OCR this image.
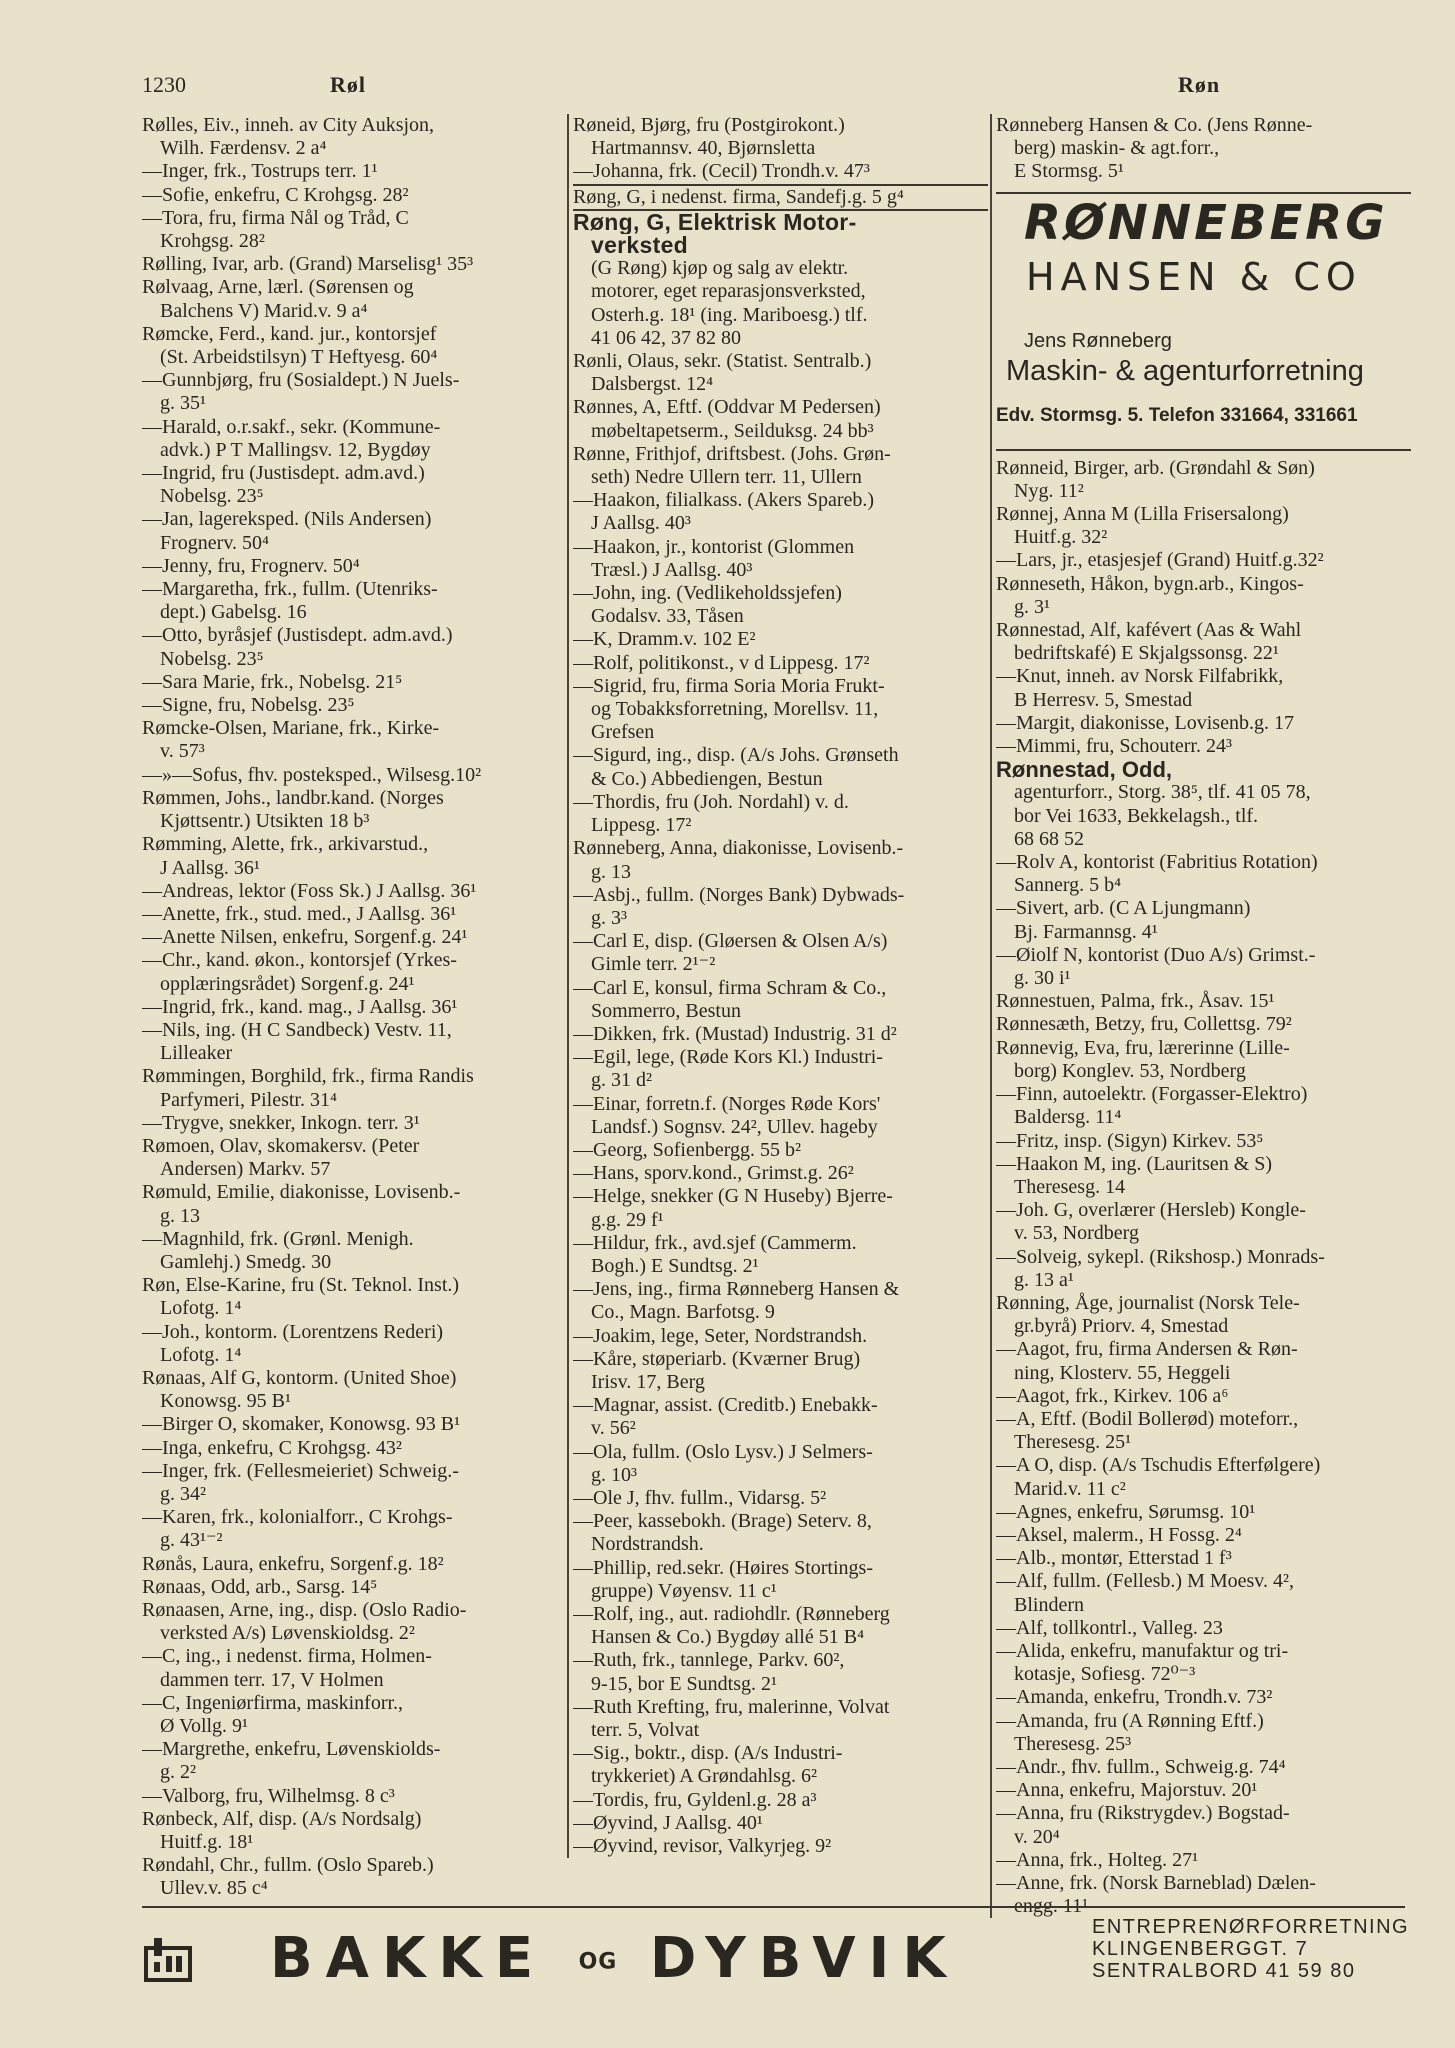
1230	Røl	Røn
Rølles, Eiv., inneh. av City Auksjon,
Wilh. Færdensv. 2 a⁴
—Inger, frk., Tostrups terr. 1¹
—Sofie, enkefru, C Krohgsg. 28²
—Tora, fru, firma Nål og Tråd, C
Krohgsg. 28²
Rølling, Ivar, arb. (Grand) Marselisg¹ 35³
Rølvaag, Arne, lærl. (Sørensen og
Balchens V) Marid.v. 9 a⁴
Rømcke, Ferd., kand. jur., kontorsjef
(St. Arbeidstilsyn) T Heftyesg. 60⁴
—Gunnbjørg, fru (Sosialdept.) N Juels-
g. 35¹
—Harald, o.r.sakf., sekr. (Kommune-
advk.) P T Mallingsv. 12, Bygdøy
—Ingrid, fru (Justisdept. adm.avd.)
Nobelsg. 23⁵
—Jan, lagereksped. (Nils Andersen)
Frognerv. 50⁴
—Jenny, fru, Frognerv. 50⁴
—Margaretha, frk., fullm. (Utenriks-
dept.) Gabelsg. 16
—Otto, byråsjef (Justisdept. adm.avd.)
Nobelsg. 23⁵
—Sara Marie, frk., Nobelsg. 21⁵
—Signe, fru, Nobelsg. 23⁵
Rømcke-Olsen, Mariane, frk., Kirke-
v. 57³
—»—Sofus, fhv. posteksped., Wilsesg.10²
Rømmen, Johs., landbr.kand. (Norges
Kjøttsentr.) Utsikten 18 b³
Rømming, Alette, frk., arkivarstud.,
J Aallsg. 36¹
—Andreas, lektor (Foss Sk.) J Aallsg. 36¹
—Anette, frk., stud. med., J Aallsg. 36¹
—Anette Nilsen, enkefru, Sorgenf.g. 24¹
—Chr., kand. økon., kontorsjef (Yrkes-
opplæringsrådet) Sorgenf.g. 24¹
—Ingrid, frk., kand. mag., J Aallsg. 36¹
—Nils, ing. (H C Sandbeck) Vestv. 11,
Lilleaker
Rømmingen, Borghild, frk., firma Randis
Parfymeri, Pilestr. 31⁴
—Trygve, snekker, Inkogn. terr. 3¹
Rømoen, Olav, skomakersv. (Peter
Andersen) Markv. 57
Rømuld, Emilie, diakonisse, Lovisenb.-
g. 13
—Magnhild, frk. (Grønl. Menigh.
Gamlehj.) Smedg. 30
Røn, Else-Karine, fru (St. Teknol. Inst.)
Lofotg. 1⁴
—Joh., kontorm. (Lorentzens Rederi)
Lofotg. 1⁴
Rønaas, Alf G, kontorm. (United Shoe)
Konowsg. 95 B¹
—Birger O, skomaker, Konowsg. 93 B¹
—Inga, enkefru, C Krohgsg. 43²
—Inger, frk. (Fellesmeieriet) Schweig.-
g. 34²
—Karen, frk., kolonialforr., C Krohgs-
g. 43¹⁻²
Rønås, Laura, enkefru, Sorgenf.g. 18²
Rønaas, Odd, arb., Sarsg. 14⁵
Rønaasen, Arne, ing., disp. (Oslo Radio-
verksted A/s) Løvenskioldsg. 2²
—C, ing., i nedenst. firma, Holmen-
dammen terr. 17, V Holmen
—C, Ingeniørfirma, maskinforr.,
Ø Vollg. 9¹
—Margrethe, enkefru, Løvenskiolds-
g. 2²
—Valborg, fru, Wilhelmsg. 8 c³
Rønbeck, Alf, disp. (A/s Nordsalg)
Huitf.g. 18¹
Røndahl, Chr., fullm. (Oslo Spareb.)
Ullev.v. 85 c⁴
Røneid, Bjørg, fru (Postgirokont.)
Hartmannsv. 40, Bjørnsletta
—Johanna, frk. (Cecil) Trondh.v. 47³
Røng, G, i nedenst. firma, Sandefj.g. 5 g⁴
Røng, G, Elektrisk Motor-
verksted
(G Røng) kjøp og salg av elektr.
motorer, eget reparasjonsverksted,
Osterh.g. 18¹ (ing. Mariboesg.) tlf.
41 06 42, 37 82 80
Rønli, Olaus, sekr. (Statist. Sentralb.)
Dalsbergst. 12⁴
Rønnes, A, Eftf. (Oddvar M Pedersen)
møbeltapetserm., Seilduksg. 24 bb³
Rønne, Frithjof, driftsbest. (Johs. Grøn-
seth) Nedre Ullern terr. 11, Ullern
—Haakon, filialkass. (Akers Spareb.)
J Aallsg. 40³
—Haakon, jr., kontorist (Glommen
Træsl.) J Aallsg. 40³
—John, ing. (Vedlikeholdssjefen)
Godalsv. 33, Tåsen
—K, Dramm.v. 102 E²
—Rolf, politikonst., v d Lippesg. 17²
—Sigrid, fru, firma Soria Moria Frukt-
og Tobakksforretning, Morellsv. 11,
Grefsen
—Sigurd, ing., disp. (A/s Johs. Grønseth
& Co.) Abbediengen, Bestun
—Thordis, fru (Joh. Nordahl) v. d.
Lippesg. 17²
Rønneberg, Anna, diakonisse, Lovisenb.-
g. 13
—Asbj., fullm. (Norges Bank) Dybwads-
g. 3³
—Carl E, disp. (Gløersen & Olsen A/s)
Gimle terr. 2¹⁻²
—Carl E, konsul, firma Schram & Co.,
Sommerro, Bestun
—Dikken, frk. (Mustad) Industrig. 31 d²
—Egil, lege, (Røde Kors Kl.) Industri-
g. 31 d²
—Einar, forretn.f. (Norges Røde Kors'
Landsf.) Sognsv. 24², Ullev. hageby
—Georg, Sofienbergg. 55 b²
—Hans, sporv.kond., Grimst.g. 26²
—Helge, snekker (G N Huseby) Bjerre-
g.g. 29 f¹
—Hildur, frk., avd.sjef (Cammerm.
Bogh.) E Sundtsg. 2¹
—Jens, ing., firma Rønneberg Hansen &
Co., Magn. Barfotsg. 9
—Joakim, lege, Seter, Nordstrandsh.
—Kåre, støperiarb. (Kværner Brug)
Irisv. 17, Berg
—Magnar, assist. (Creditb.) Enebakk-
v. 56²
—Ola, fullm. (Oslo Lysv.) J Selmers-
g. 10³
—Ole J, fhv. fullm., Vidarsg. 5²
—Peer, kassebokh. (Brage) Seterv. 8,
Nordstrandsh.
—Phillip, red.sekr. (Høires Stortings-
gruppe) Vøyensv. 11 c¹
—Rolf, ing., aut. radiohdlr. (Rønneberg
Hansen & Co.) Bygdøy allé 51 B⁴
—Ruth, frk., tannlege, Parkv. 60²,
9-15, bor E Sundtsg. 2¹
—Ruth Krefting, fru, malerinne, Volvat
terr. 5, Volvat
—Sig., boktr., disp. (A/s Industri-
trykkeriet) A Grøndahlsg. 6²
—Tordis, fru, Gyldenl.g. 28 a³
—Øyvind, J Aallsg. 40¹
—Øyvind, revisor, Valkyrjeg. 9²
Rønneberg Hansen & Co. (Jens Rønne-
berg) maskin- & agt.forr.,
E Stormsg. 5¹
RØNNEBERG
HANSEN & CO
Jens Rønneberg
Maskin- & agenturforretning
Edv. Stormsg. 5. Telefon 331664, 331661
Rønneid, Birger, arb. (Grøndahl & Søn)
Nyg. 11²
Rønnej, Anna M (Lilla Frisersalong)
Huitf.g. 32²
—Lars, jr., etasjesjef (Grand) Huitf.g.32²
Rønneseth, Håkon, bygn.arb., Kingos-
g. 3¹
Rønnestad, Alf, kafévert (Aas & Wahl
bedriftskafé) E Skjalgssonsg. 22¹
—Knut, inneh. av Norsk Filfabrikk,
B Herresv. 5, Smestad
—Margit, diakonisse, Lovisenb.g. 17
—Mimmi, fru, Schouterr. 24³
Rønnestad, Odd,
agenturforr., Storg. 38⁵, tlf. 41 05 78,
bor Vei 1633, Bekkelagsh., tlf.
68 68 52
—Rolv A, kontorist (Fabritius Rotation)
Sannerg. 5 b⁴
—Sivert, arb. (C A Ljungmann)
Bj. Farmannsg. 4¹
—Øiolf N, kontorist (Duo A/s) Grimst.-
g. 30 i¹
Rønnestuen, Palma, frk., Åsav. 15¹
Rønnesæth, Betzy, fru, Collettsg. 79²
Rønnevig, Eva, fru, lærerinne (Lille-
borg) Konglev. 53, Nordberg
—Finn, autoelektr. (Forgasser-Elektro)
Baldersg. 11⁴
—Fritz, insp. (Sigyn) Kirkev. 53⁵
—Haakon M, ing. (Lauritsen & S)
Theresesg. 14
—Joh. G, overlærer (Hersleb) Kongle-
v. 53, Nordberg
—Solveig, sykepl. (Rikshosp.) Monrads-
g. 13 a¹
Rønning, Åge, journalist (Norsk Tele-
gr.byrå) Priorv. 4, Smestad
—Aagot, fru, firma Andersen & Røn-
ning, Klosterv. 55, Heggeli
—Aagot, frk., Kirkev. 106 a⁶
—A, Eftf. (Bodil Bollerød) moteforr.,
Theresesg. 25¹
—A O, disp. (A/s Tschudis Efterfølgere)
Marid.v. 11 c²
—Agnes, enkefru, Sørumsg. 10¹
—Aksel, malerm., H Fossg. 2⁴
—Alb., montør, Etterstad 1 f³
—Alf, fullm. (Fellesb.) M Moesv. 4²,
Blindern
—Alf, tollkontrl., Valleg. 23
—Alida, enkefru, manufaktur og tri-
kotasje, Sofiesg. 72⁰⁻³
—Amanda, enkefru, Trondh.v. 73²
—Amanda, fru (A Rønning Eftf.)
Theresesg. 25³
—Andr., fhv. fullm., Schweig.g. 74⁴
—Anna, enkefru, Majorstuv. 20¹
—Anna, fru (Rikstrygdev.) Bogstad-
v. 20⁴
—Anna, frk., Holteg. 27¹
—Anne, frk. (Norsk Barneblad) Dælen-
engg. 11¹
BAKKE OG DYBVIK	ENTREPRENØRFORRETNING
KLINGENBERGGT. 7
SENTRALBORD 41 59 80
